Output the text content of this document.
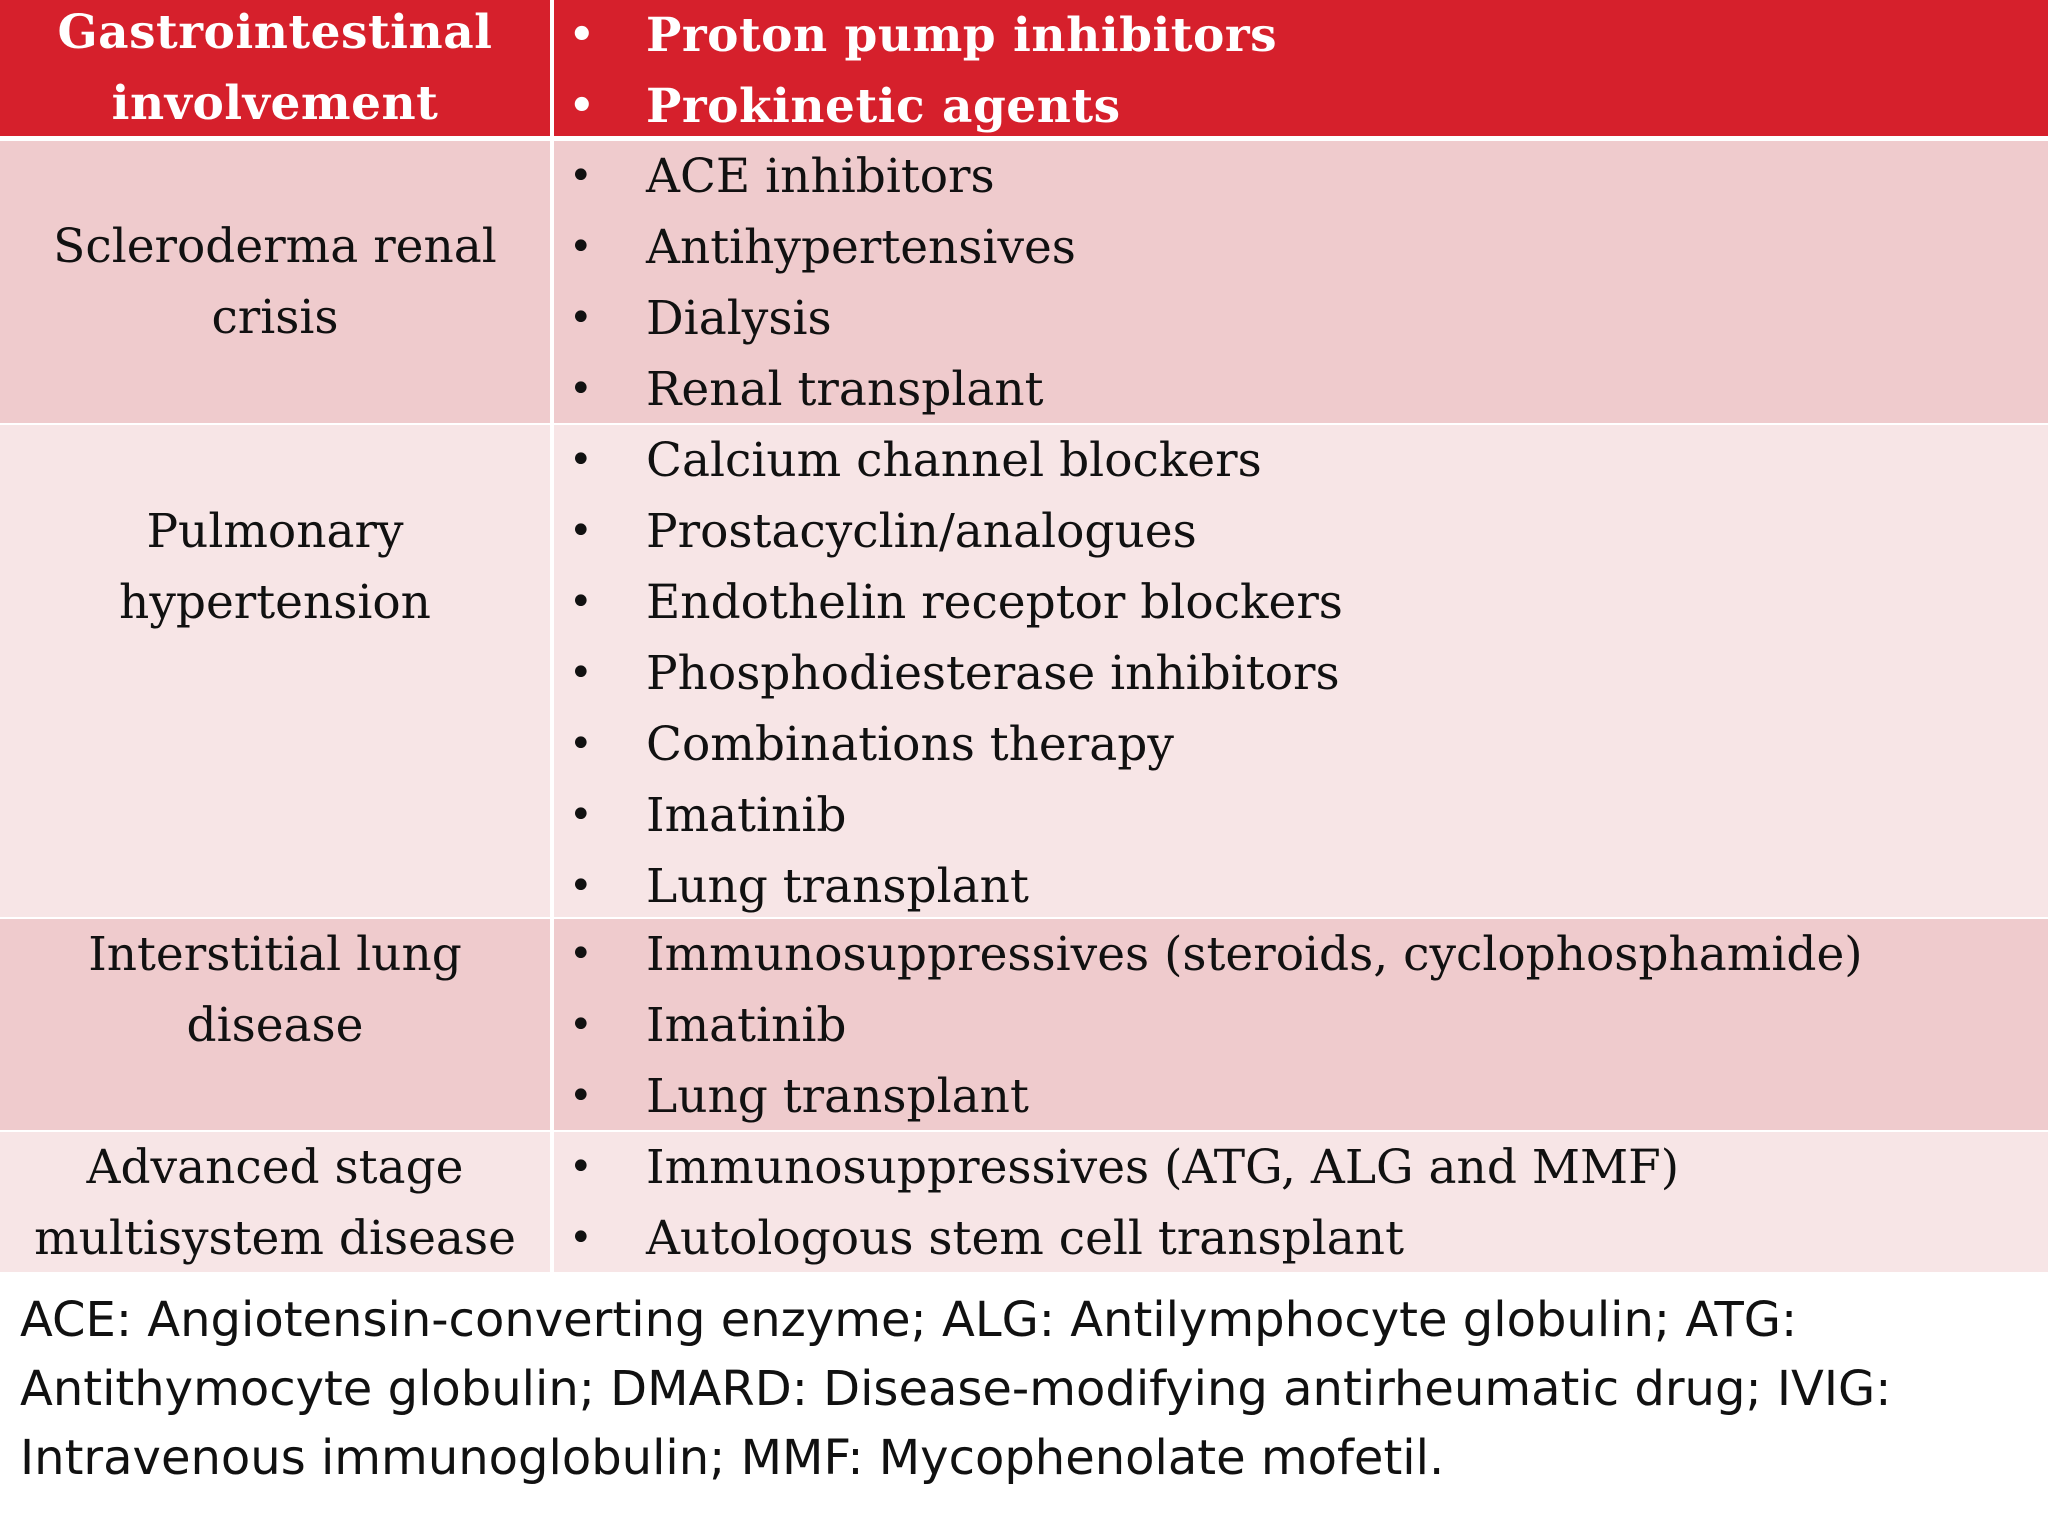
Gastrointestinal involvement
• Proton pump inhibitors
• Prokinetic agents
Scleroderma renal crisis
• ACE inhibitors
• Antihypertensives
• Dialysis
• Renal transplant
Pulmonary hypertension
• Calcium channel blockers
• Prostacyclin/analogues
• Endothelin receptor blockers
• Phosphodiesterase inhibitors
• Combinations therapy
• Imatinib
• Lung transplant
Interstitial lung disease
• Immunosuppressives (steroids, cyclophosphamide)
• Imatinib
• Lung transplant
Advanced stage multisystem disease
• Immunosuppressives (ATG, ALG and MMF)
• Autologous stem cell transplant

ACE: Angiotensin-converting enzyme; ALG: Antilymphocyte globulin; ATG: Antithymocyte globulin; DMARD: Disease-modifying antirheumatic drug; IVIG: Intravenous immunoglobulin; MMF: Mycophenolate mofetil.
